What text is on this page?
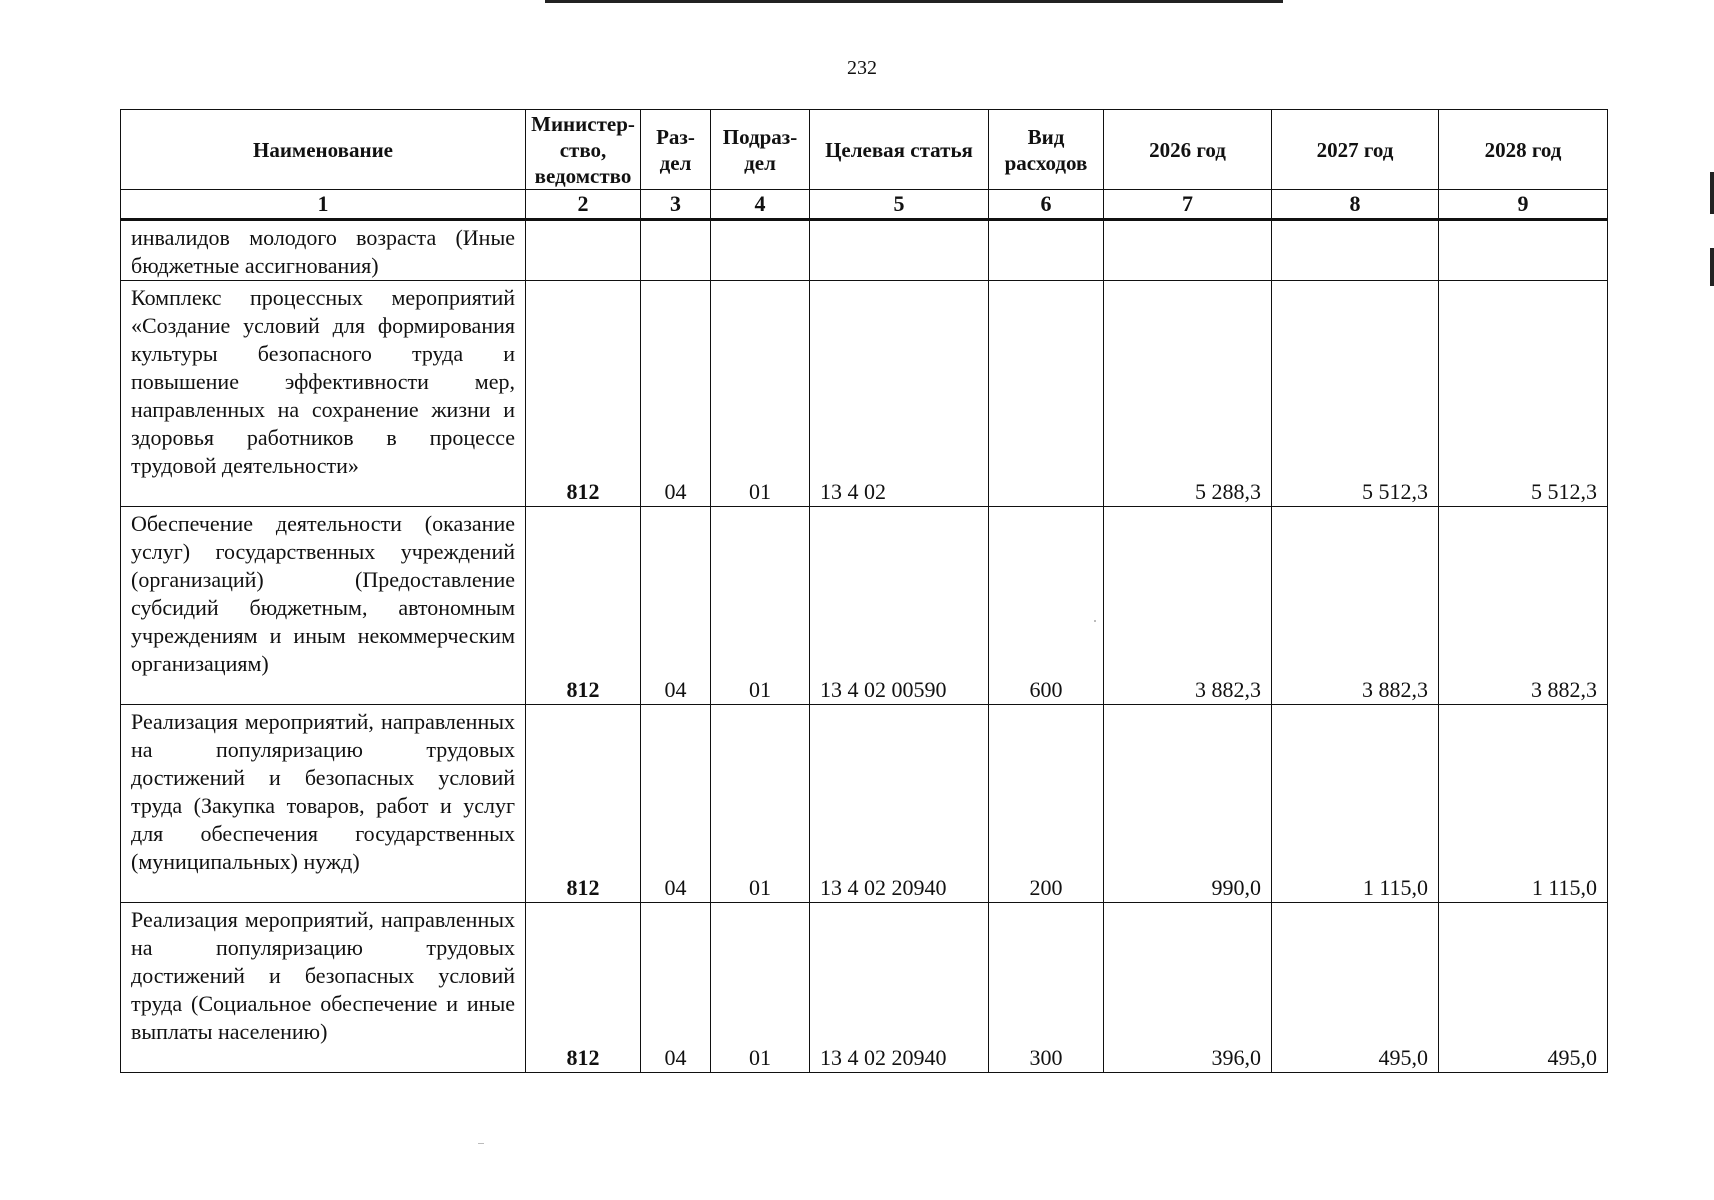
232
Наименование	Министер-ство, ведомство	Раз-дел	Подраз-дел	Целевая статья	Вид расходов	2026 год	2027 год	2028 год
1	2	3	4	5	6	7	8	9
инвалидов молодого возраста (Иные бюджетные ассигнования)								
Комплекс процессных мероприятий «Создание условий для формирования культуры безопасного труда и повышение эффективности мер, направленных на сохранение жизни и здоровья работников в процессе трудовой деятельности»	812	04	01	13 4 02		5 288,3	5 512,3	5 512,3
Обеспечение деятельности (оказание услуг) государственных учреждений (организаций) (Предоставление субсидий бюджетным, автономным учреждениям и иным некоммерческим организациям)	812	04	01	13 4 02 00590	600	3 882,3	3 882,3	3 882,3
Реализация мероприятий, направленных на популяризацию трудовых достижений и безопасных условий труда (Закупка товаров, работ и услуг для обеспечения государственных (муниципальных) нужд)	812	04	01	13 4 02 20940	200	990,0	1 115,0	1 115,0
Реализация мероприятий, направленных на популяризацию трудовых достижений и безопасных условий труда (Социальное обеспечение и иные выплаты населению)	812	04	01	13 4 02 20940	300	396,0	495,0	495,0
